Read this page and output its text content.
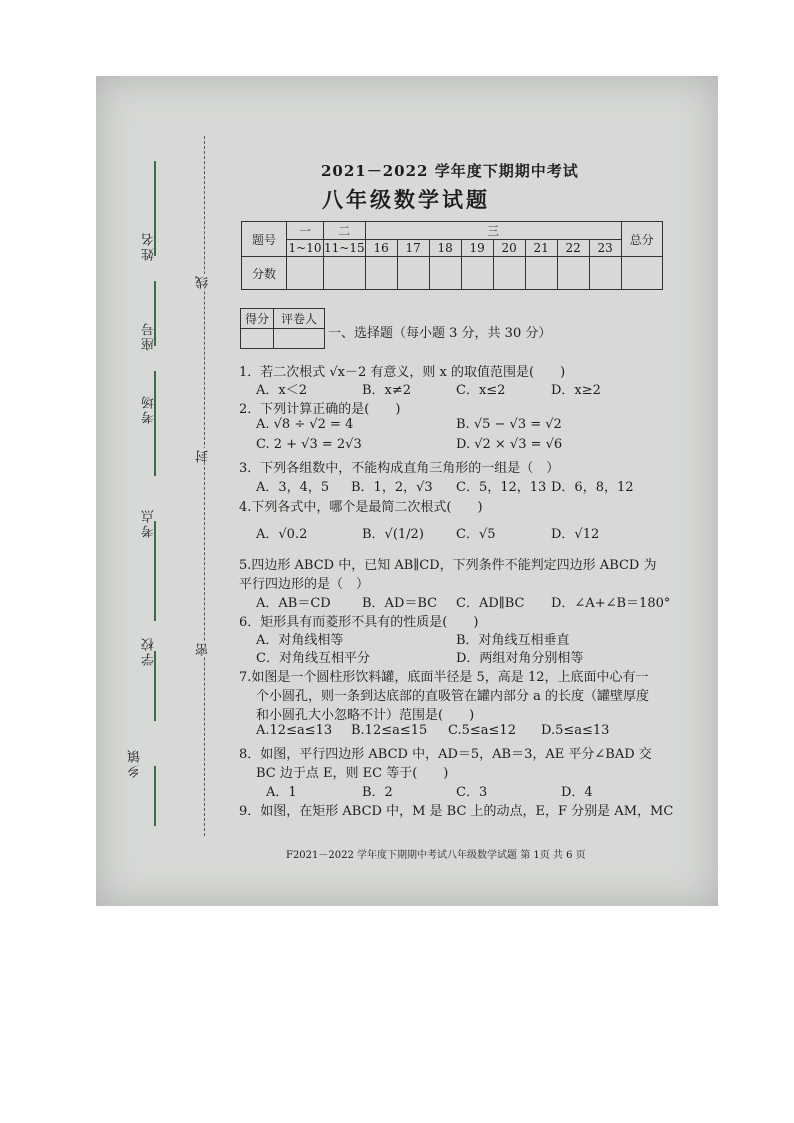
姓名
座号
考场
考点
学校
乡镇
线
封
密
2021－2022 学年度下期期中考试
八年级数学试题
题号	一	二	三								总分
	1~10	11~15	16	17	18	19	20	21	22	23	
分数											
得分	评卷人

一、选择题（每小题 3 分，共 30 分）
1．若二次根式 √x－2 有意义，则 x 的取值范围是(　　)
A．x＜2	B．x≠2	C．x≤2	D．x≥2
2．下列计算正确的是(　　)
A. √8 ÷ √2 = 4	B. √5 − √3 = √2
C. 2 + √3 = 2√3	D. √2 × √3 = √6
3．下列各组数中，不能构成直角三角形的一组是（　）
A．3，4，5 B．1，2，√3 C．5，12，13 D．6，8，12
4.下列各式中，哪个是最简二次根式(　　)
A．√0.2	B．√(1/2) C．√5	D．√12
5.四边形 ABCD 中，已知 AB∥CD，下列条件不能判定四边形 ABCD 为
平行四边形的是（　）
A．AB＝CD B．AD＝BC C．AD∥BC D．∠A+∠B＝180°
6．矩形具有而菱形不具有的性质是(　　)
A．对角线相等	B．对角线互相垂直
C．对角线互相平分	D．两组对角分别相等
7.如图是一个圆柱形饮料罐，底面半径是 5，高是 12，上底面中心有一
个小圆孔，则一条到达底部的直吸管在罐内部分 a 的长度（罐壁厚度
和小圆孔大小忽略不计）范围是(　　)
A.12≤a≤13 B.12≤a≤15 C.5≤a≤12 D.5≤a≤13
8．如图，平行四边形 ABCD 中，AD＝5，AB＝3，AE 平分∠BAD 交
BC 边于点 E，则 EC 等于(　　)
A．1	B．2	C．3	D．4
9．如图，在矩形 ABCD 中，M 是 BC 上的动点，E，F 分别是 AM，MC
F2021－2022 学年度下期期中考试八年级数学试题 第 1页 共 6 页
